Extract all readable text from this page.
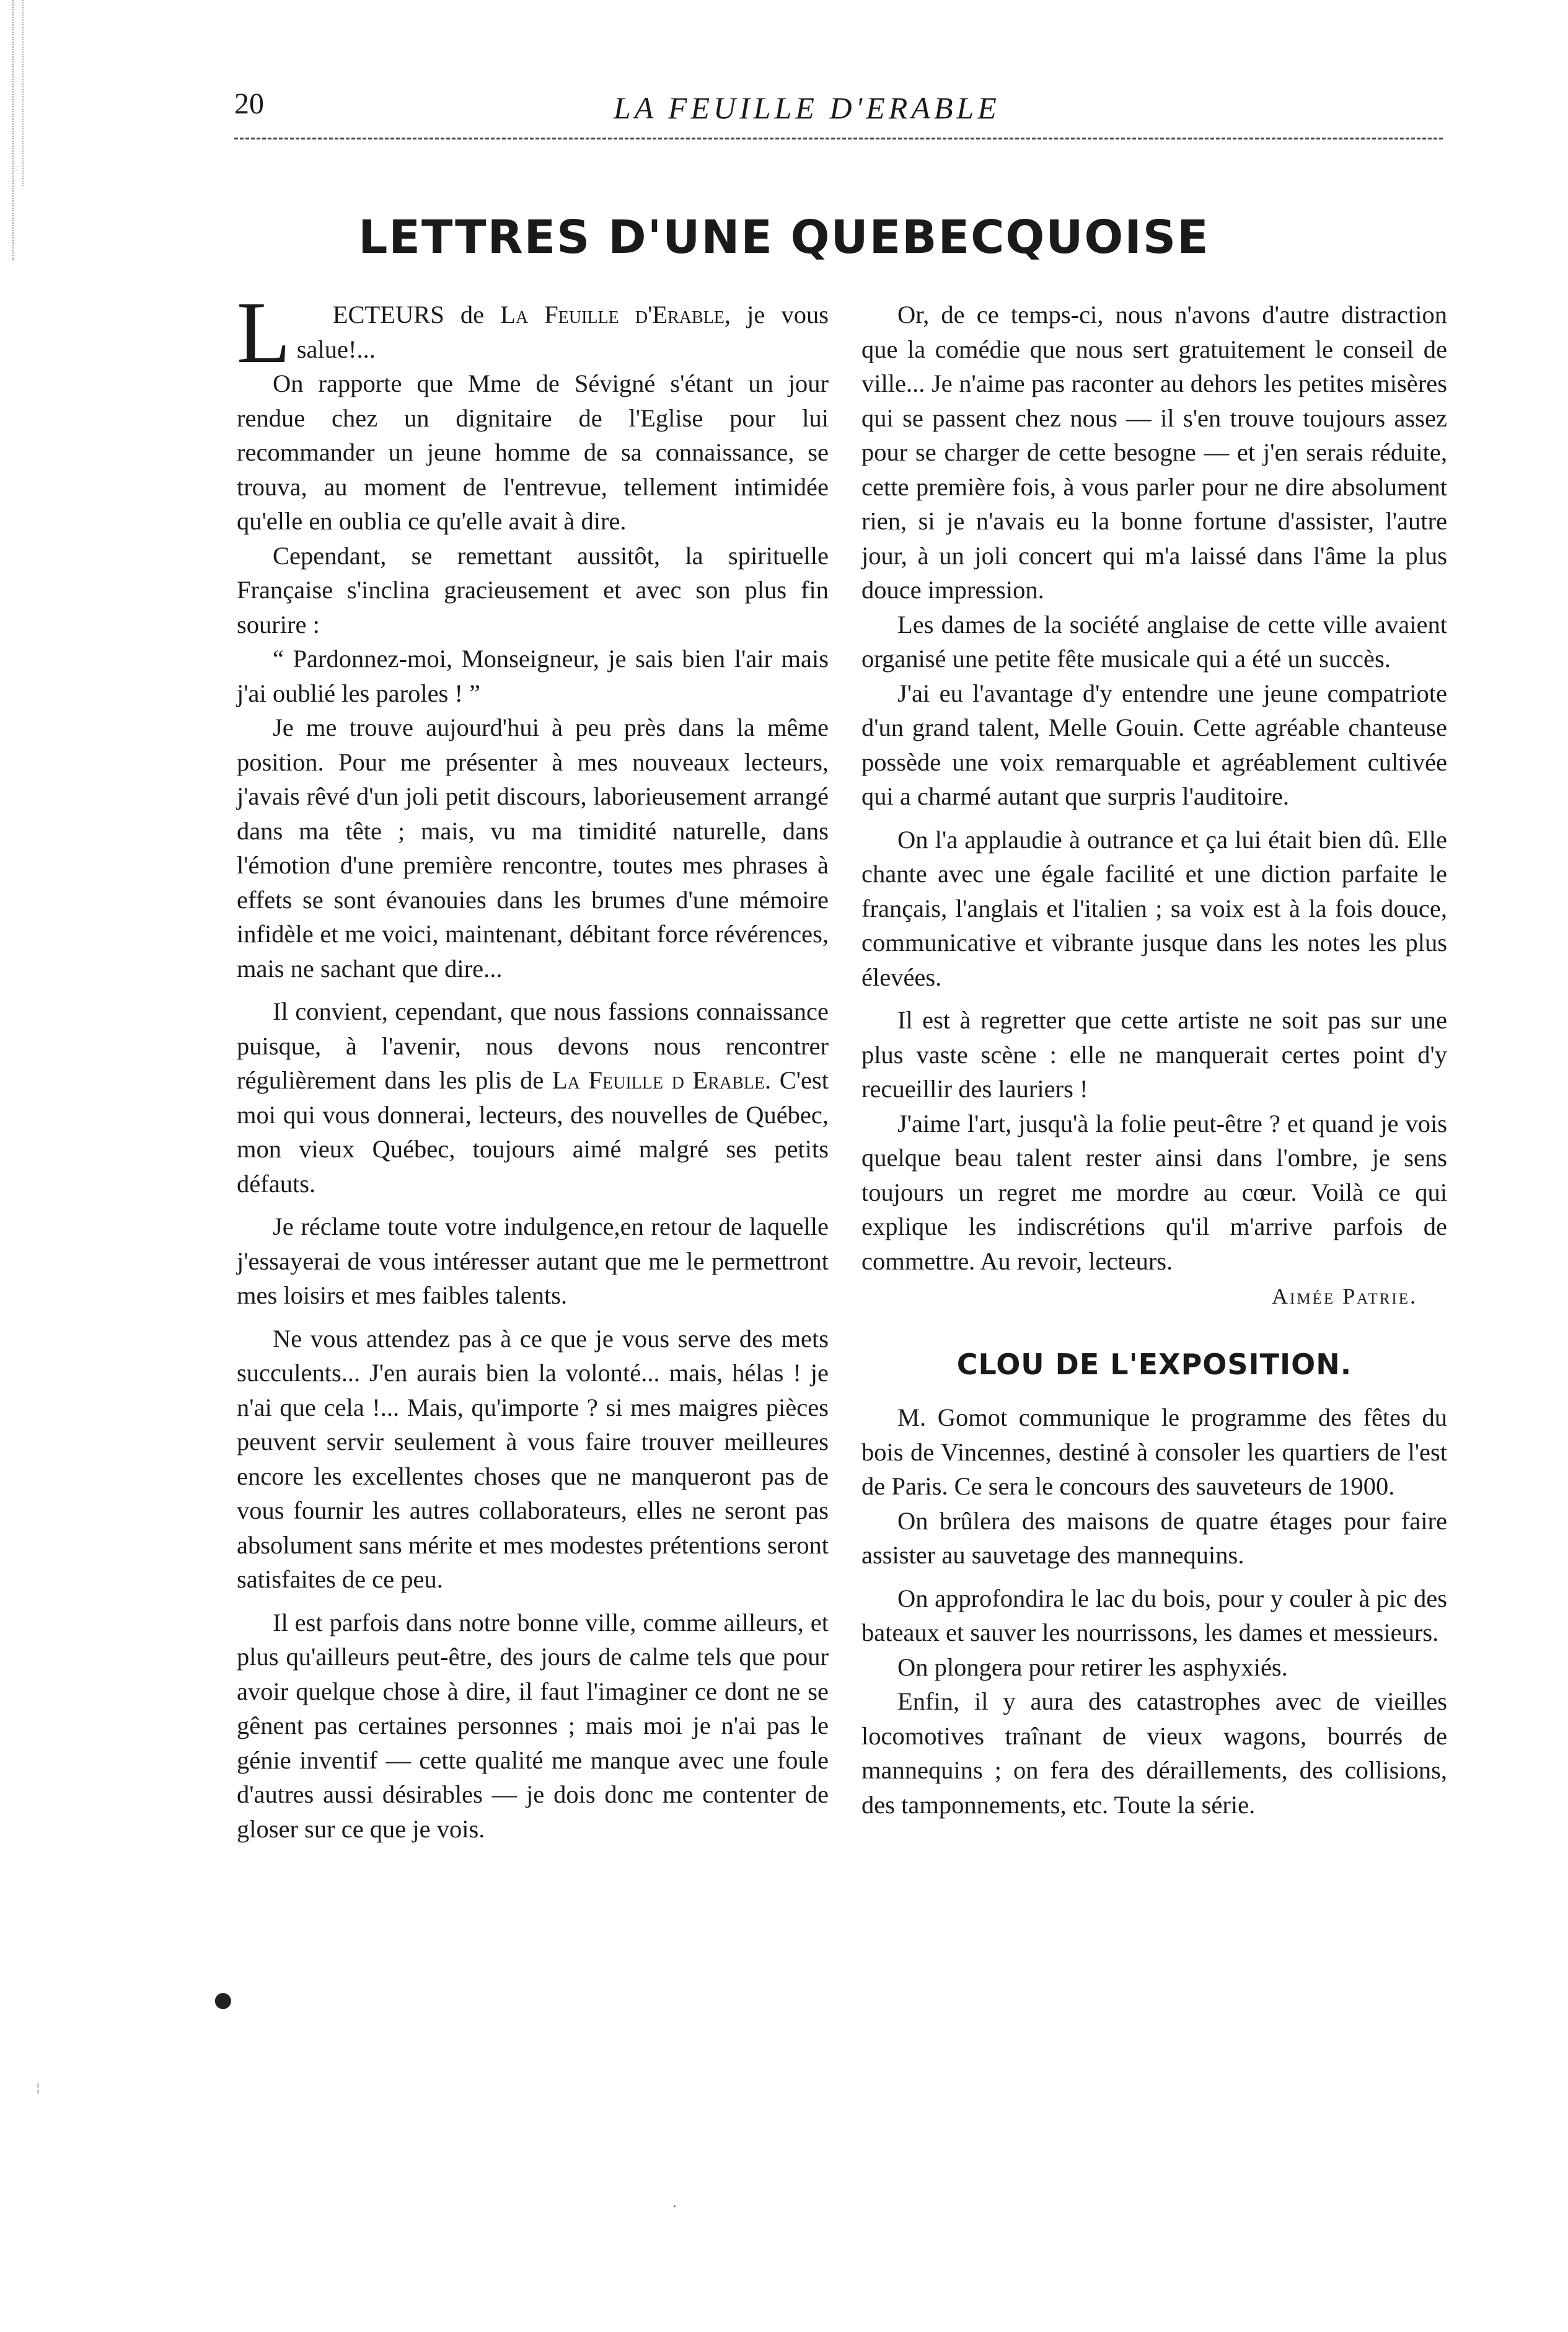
20	LA FEUILLE D'ERABLE
LETTRES D'UNE QUEBECQUOISE

L ECTEURS de La Feuille d'Erable, je vous salue!...

On rapporte que Mme de Sévigné s'étant un jour rendue chez un dignitaire de l'Eglise pour lui recommander un jeune homme de sa connaissance, se trouva, au moment de l'entrevue, tellement intimidée qu'elle en oublia ce qu'elle avait à dire.

Cependant, se remettant aussitôt, la spirituelle Française s'inclina gracieusement et avec son plus fin sourire :

“ Pardonnez-moi, Monseigneur, je sais bien l'air mais j'ai oublié les paroles ! ”

Je me trouve aujourd'hui à peu près dans la même position. Pour me présenter à mes nouveaux lecteurs, j'avais rêvé d'un joli petit discours, laborieusement arrangé dans ma tête ; mais, vu ma timidité naturelle, dans l'émotion d'une première rencontre, toutes mes phrases à effets se sont évanouies dans les brumes d'une mémoire infidèle et me voici, maintenant, débitant force révérences, mais ne sachant que dire...

Il convient, cependant, que nous fassions connaissance puisque, à l'avenir, nous devons nous rencontrer régulièrement dans les plis de La Feuille d Erable. C'est moi qui vous donnerai, lecteurs, des nouvelles de Québec, mon vieux Québec, toujours aimé malgré ses petits défauts.

Je réclame toute votre indulgence,en retour de laquelle j'essayerai de vous intéresser autant que me le permettront mes loisirs et mes faibles talents.

Ne vous attendez pas à ce que je vous serve des mets succulents... J'en aurais bien la volonté... mais, hélas ! je n'ai que cela !... Mais, qu'importe ? si mes maigres pièces peuvent servir seulement à vous faire trouver meilleures encore les excellentes choses que ne manqueront pas de vous fournir les autres collaborateurs, elles ne seront pas absolument sans mérite et mes modestes prétentions seront satisfaites de ce peu.

Il est parfois dans notre bonne ville, comme ailleurs, et plus qu'ailleurs peut-être, des jours de calme tels que pour avoir quelque chose à dire, il faut l'imaginer ce dont ne se gênent pas certaines personnes ; mais moi je n'ai pas le génie inventif — cette qualité me manque avec une foule d'autres aussi désirables — je dois donc me contenter de gloser sur ce que je vois.

Or, de ce temps-ci, nous n'avons d'autre distraction que la comédie que nous sert gratuitement le conseil de ville... Je n'aime pas raconter au dehors les petites misères qui se passent chez nous — il s'en trouve toujours assez pour se charger de cette besogne — et j'en serais réduite, cette première fois, à vous parler pour ne dire absolument rien, si je n'avais eu la bonne fortune d'assister, l'autre jour, à un joli concert qui m'a laissé dans l'âme la plus douce impression.

Les dames de la société anglaise de cette ville avaient organisé une petite fête musicale qui a été un succès.

J'ai eu l'avantage d'y entendre une jeune compatriote d'un grand talent, Melle Gouin. Cette agréable chanteuse possède une voix remarquable et agréablement cultivée qui a charmé autant que surpris l'auditoire.

On l'a applaudie à outrance et ça lui était bien dû. Elle chante avec une égale facilité et une diction parfaite le français, l'anglais et l'italien ; sa voix est à la fois douce, communicative et vibrante jusque dans les notes les plus élevées.

Il est à regretter que cette artiste ne soit pas sur une plus vaste scène : elle ne manquerait certes point d'y recueillir des lauriers !

J'aime l'art, jusqu'à la folie peut-être ? et quand je vois quelque beau talent rester ainsi dans l'ombre, je sens toujours un regret me mordre au cœur. Voilà ce qui explique les indiscrétions qu'il m'arrive parfois de commettre. Au revoir, lecteurs.

Aimée Patrie.
CLOU DE L'EXPOSITION.

M. Gomot communique le programme des fêtes du bois de Vincennes, destiné à consoler les quartiers de l'est de Paris. Ce sera le concours des sauveteurs de 1900.

On brûlera des maisons de quatre étages pour faire assister au sauvetage des mannequins.

On approfondira le lac du bois, pour y couler à pic des bateaux et sauver les nourrissons, les dames et messieurs.

On plongera pour retirer les asphyxiés.

Enfin, il y aura des catastrophes avec de vieilles locomotives traînant de vieux wagons, bourrés de mannequins ; on fera des déraillements, des collisions, des tamponnements, etc. Toute la série.

●
·
¦
